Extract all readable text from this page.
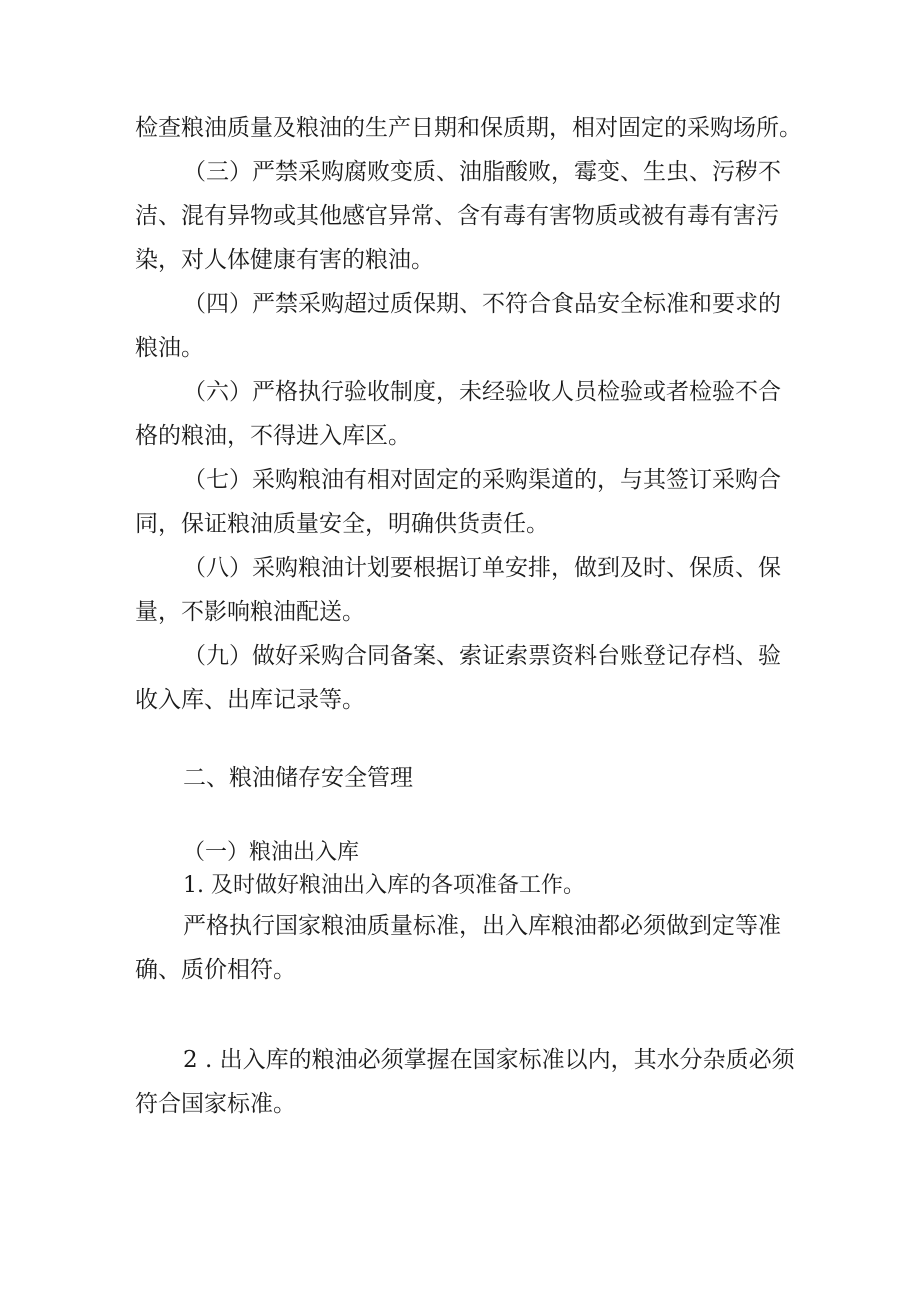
检查粮油质量及粮油的生产日期和保质期，相对固定的采购场所。

（三）严禁采购腐败变质、油脂酸败，霉变、生虫、污秽不

洁、混有异物或其他感官异常、含有毒有害物质或被有毒有害污

染，对人体健康有害的粮油。

（四）严禁采购超过质保期、不符合食品安全标准和要求的

粮油。

（六）严格执行验收制度，未经验收人员检验或者检验不合

格的粮油，不得进入库区。

（七）采购粮油有相对固定的采购渠道的，与其签订采购合

同，保证粮油质量安全，明确供货责任。

（八）采购粮油计划要根据订单安排，做到及时、保质、保

量，不影响粮油配送。

（九）做好采购合同备案、索证索票资料台账登记存档、验

收入库、出库记录等。

二、粮油储存安全管理
（一）粮油出入库

1. 及时做好粮油出入库的各项准备工作。

严格执行国家粮油质量标准，出入库粮油都必须做到定等准

确、质价相符。

2 . 出入库的粮油必须掌握在国家标准以内，其水分杂质必须

符合国家标准。
